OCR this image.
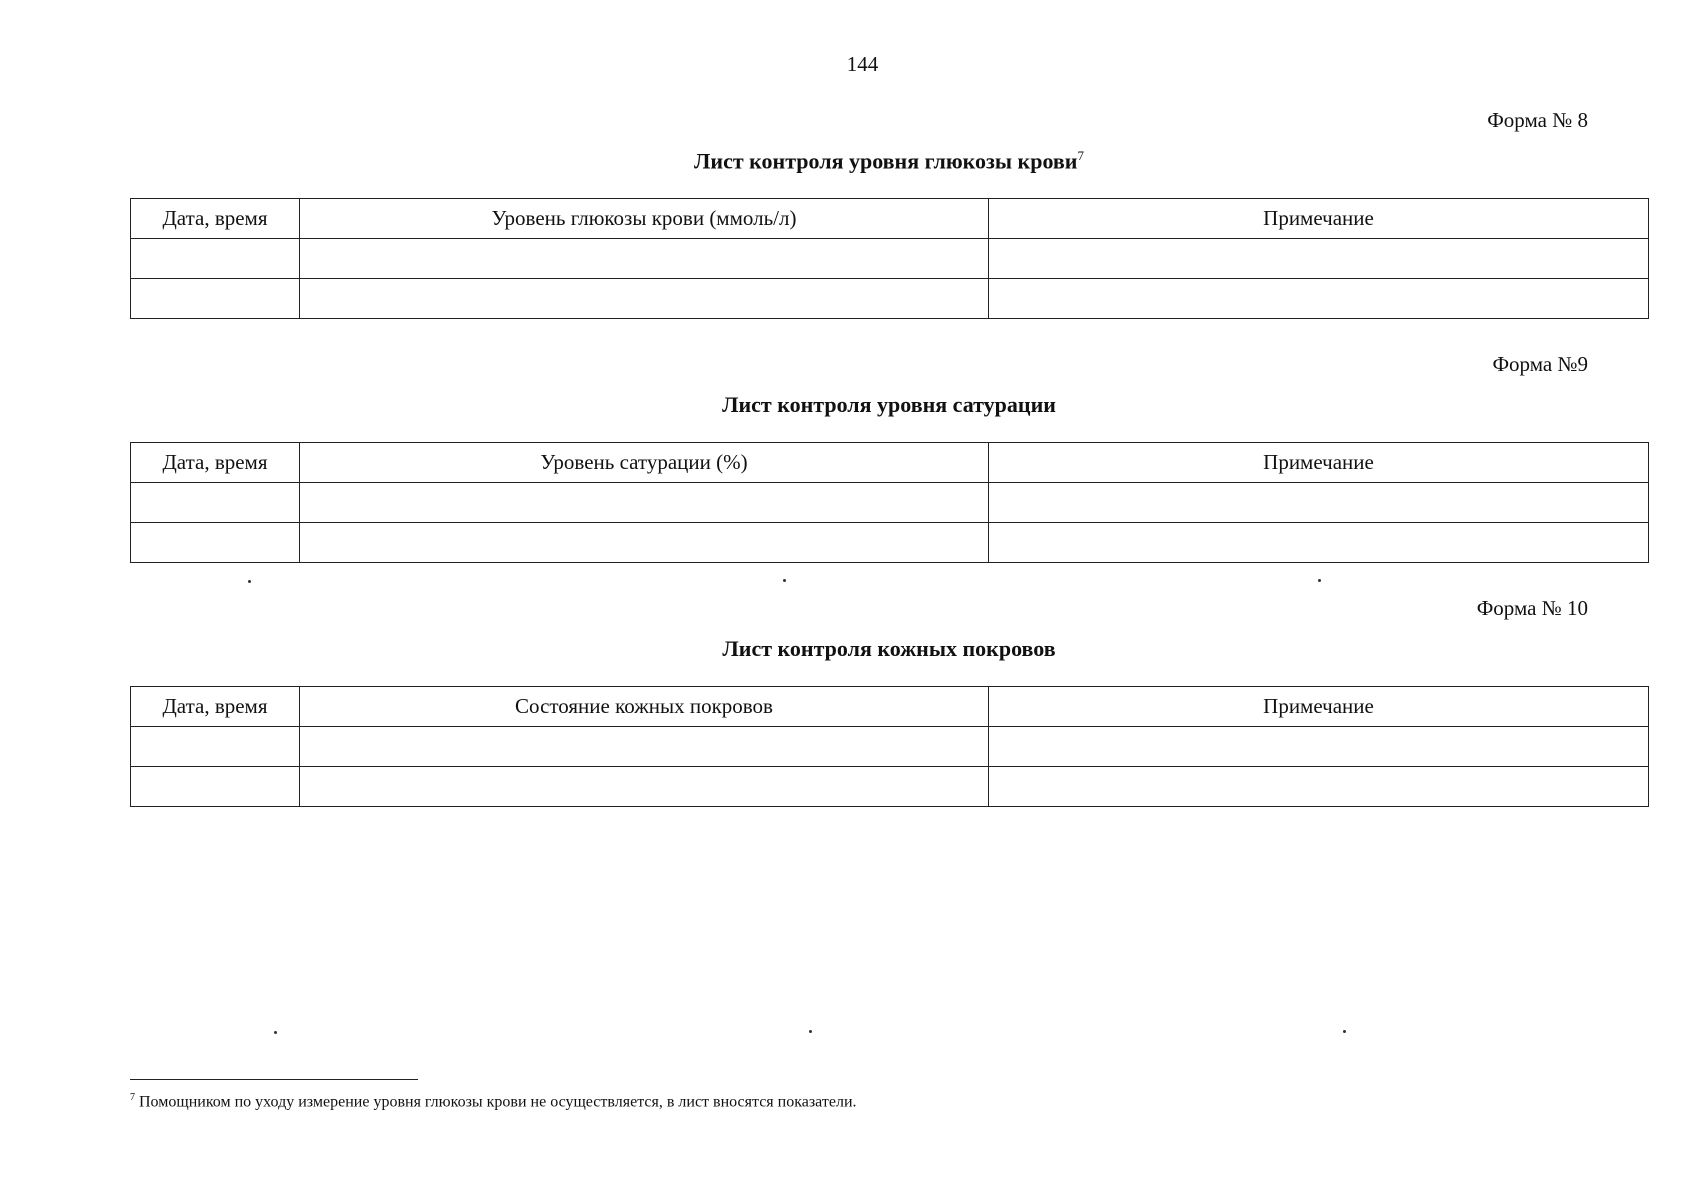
144
Форма № 8
Лист контроля уровня глюкозы крови$^7$
Дата, время	Уровень глюкозы крови (ммоль/л)	Примечание

Форма №9
Лист контроля уровня сатурации
Дата, время	Уровень сатурации (%)	Примечание

Форма № 10
Лист контроля кожных покровов
Дата, время	Состояние кожных покровов	Примечание

$^7$ Помощником по уходу измерение уровня глюкозы крови не осуществляется, в лист вносятся показатели.
